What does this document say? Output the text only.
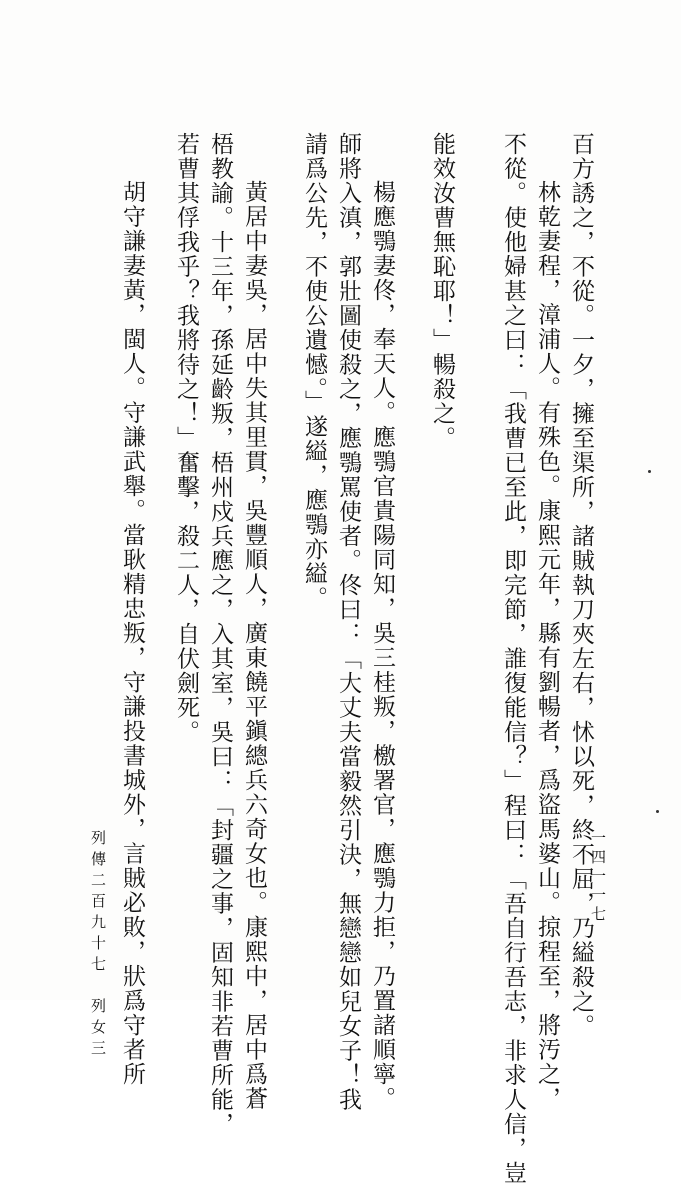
百方誘之，不從。一夕，擁至渠所，諸賊執刀夾左右，怵以死，終不屈，乃縊殺之。
林乾妻程，漳浦人。有殊色。康熙元年，縣有劉暢者，爲盜馬婆山。掠程至，將汚之，
不從。使他婦甚之曰：「我曹已至此，即完節，誰復能信？」程曰：「吾自行吾志，非求人信，豈
能效汝曹無恥耶！」暢殺之。
楊應鶚妻佟，奉天人。應鶚官貴陽同知，吳三桂叛，檄署官，應鶚力拒，乃置諸順寧。
師將入滇，郭壯圖使殺之，應鶚罵使者。佟曰：「大丈夫當毅然引決，無戀戀如兒女子！我
請爲公先，不使公遺憾。」遂縊，應鶚亦縊。
黃居中妻吳，居中失其里貫，吳豐順人，廣東饒平鎭總兵六奇女也。康熙中，居中爲蒼
梧教諭。十三年，孫延齡叛，梧州戍兵應之，入其室，吳曰：「封疆之事，固知非若曹所能，
若曹其俘我乎？我將待之！」奮擊，殺二人，自伏劍死。
胡守謙妻黃，閩人。守謙武舉。當耿精忠叛，守謙投書城外，言賊必敗，狀爲守者所
列傳二百九十七　列女三	一四一一七
